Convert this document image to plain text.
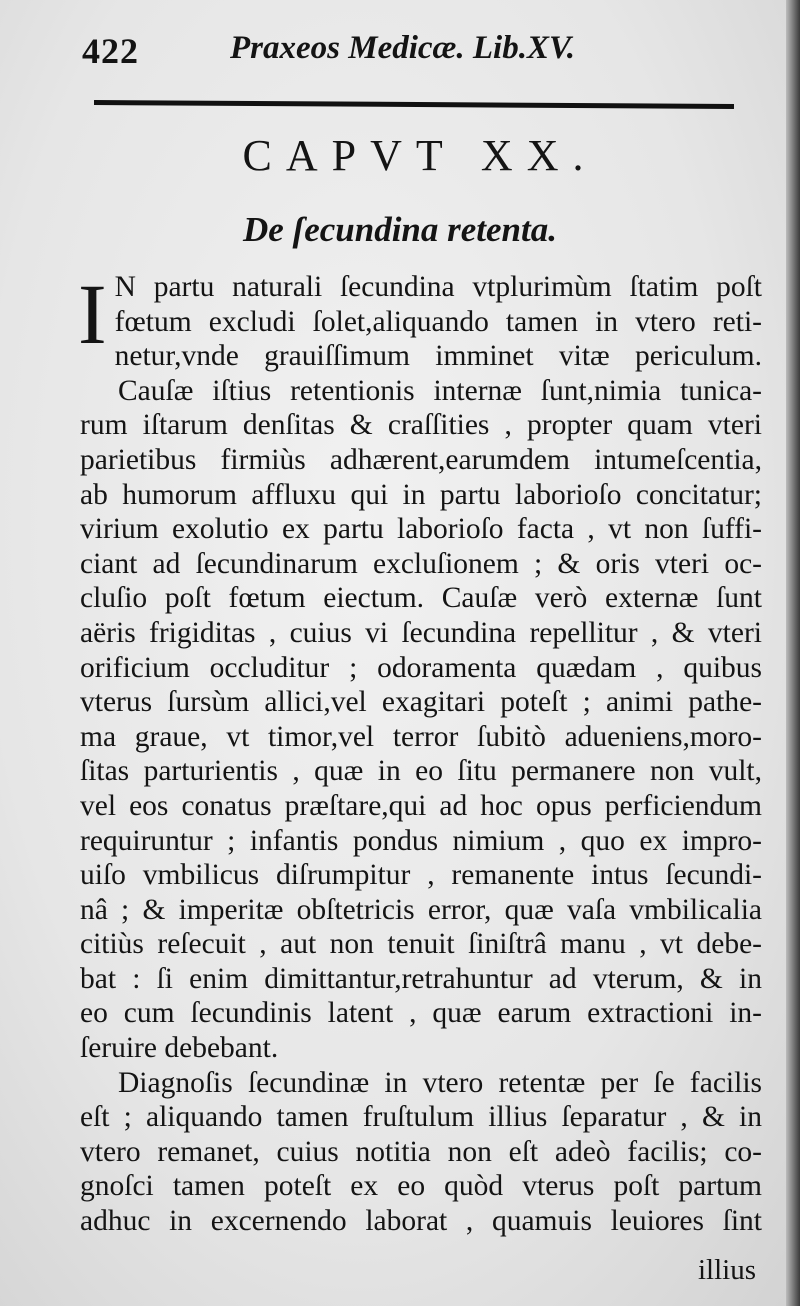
422	Praxeos Medicæ. Lib.XV.
CAPVT XX.
De ſecundina retenta.

I N partu naturali ſecundina vtplurimùm ſtatim poſt
fœtum excludi ſolet,aliquando tamen in vtero reti-
netur,vnde grauiſſimum imminet vitæ periculum.

Cauſæ iſtius retentionis internæ ſunt,nimia tunica-
rum iſtarum denſitas & craſſities , propter quam vteri
parietibus firmiùs adhærent,earumdem intumeſcentia,
ab humorum affluxu qui in partu laborioſo concitatur;
virium exolutio ex partu laborioſo facta , vt non ſuffi-
ciant ad ſecundinarum excluſionem ; & oris vteri oc-
cluſio poſt fœtum eiectum. Cauſæ verò externæ ſunt
aëris frigiditas , cuius vi ſecundina repellitur , & vteri
orificium occluditur ; odoramenta quædam , quibus
vterus ſursùm allici,vel exagitari poteſt ; animi pathe-
ma graue, vt timor,vel terror ſubitò adueniens,moro-
ſitas parturientis , quæ in eo ſitu permanere non vult,
vel eos conatus præſtare,qui ad hoc opus perficiendum
requiruntur ; infantis pondus nimium , quo ex impro-
uiſo vmbilicus diſrumpitur , remanente intus ſecundi-
nâ ; & imperitæ obſtetricis error, quæ vaſa vmbilicalia
citiùs reſecuit , aut non tenuit ſiniſtrâ manu , vt debe-
bat : ſi enim dimittantur,retrahuntur ad vterum, & in
eo cum ſecundinis latent , quæ earum extractioni in-
ſeruire debebant.

Diagnoſis ſecundinæ in vtero retentæ per ſe facilis
eſt ; aliquando tamen fruſtulum illius ſeparatur , & in
vtero remanet, cuius notitia non eſt adeò facilis; co-
gnoſci tamen poteſt ex eo quòd vterus poſt partum
adhuc in excernendo laborat , quamuis leuiores ſint

illius
